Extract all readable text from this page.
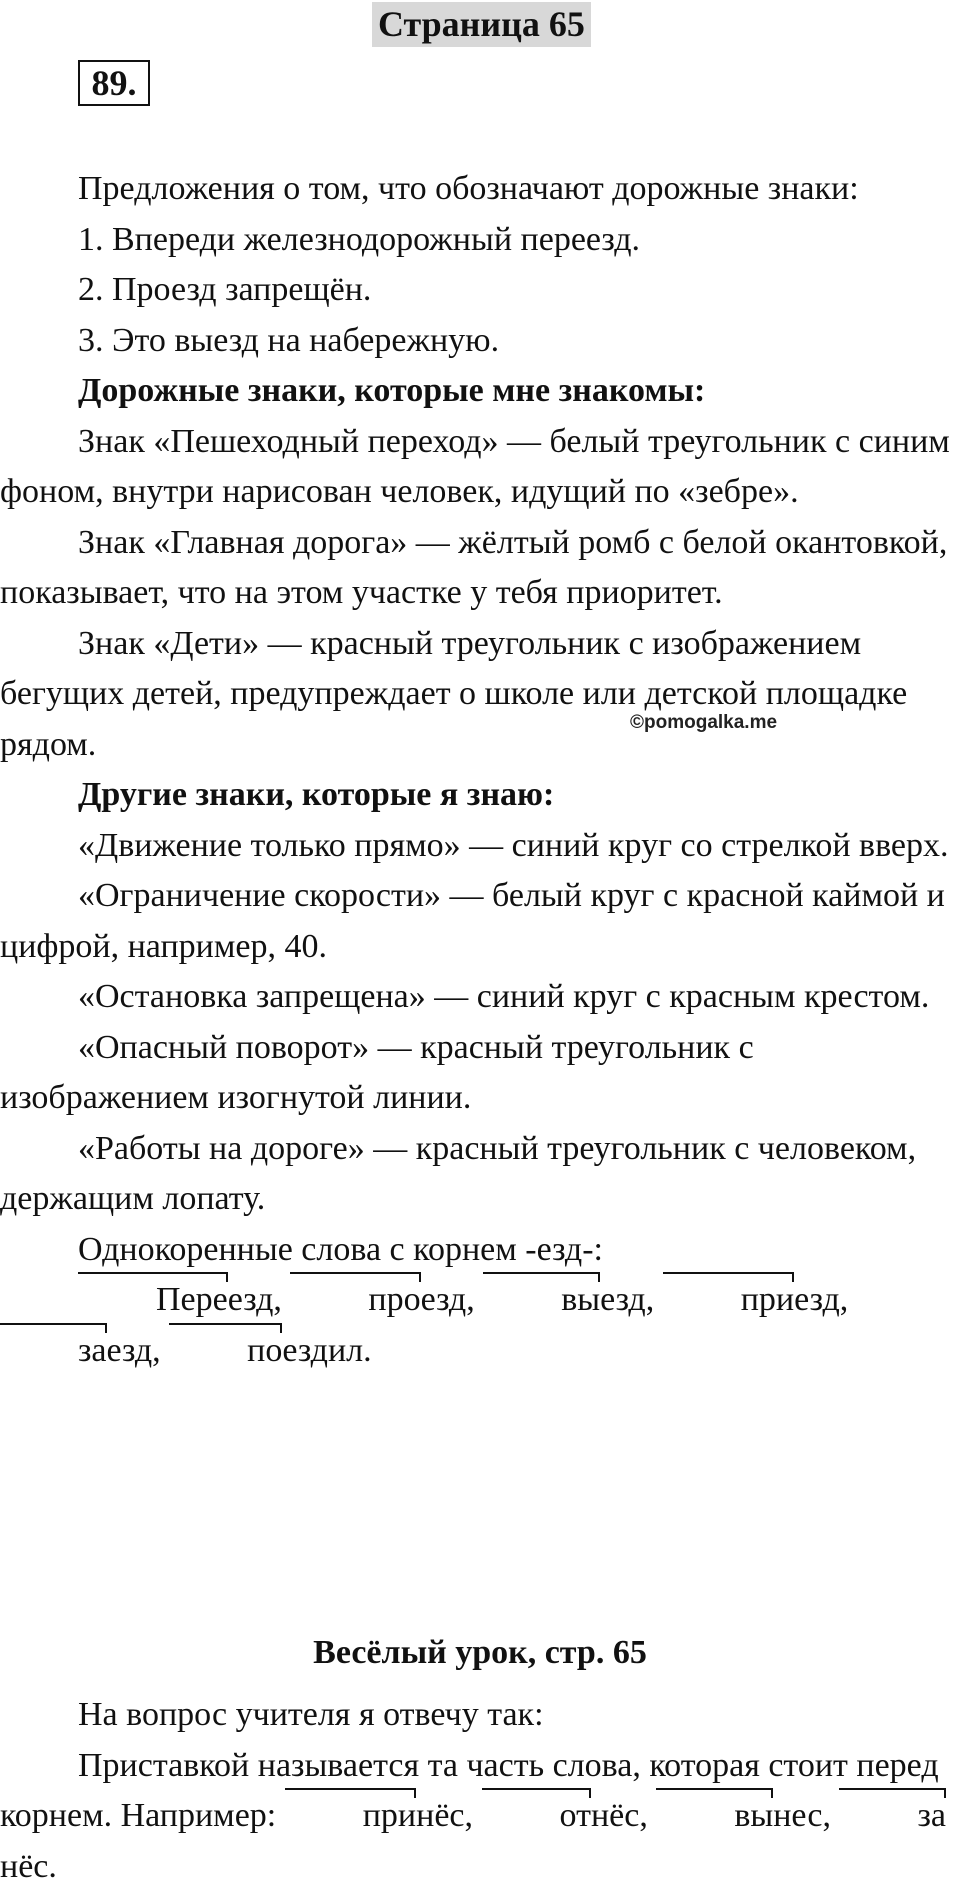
Страница 65
89.

Предложения о том, что обозначают дорожные знаки:

1. Впереди железнодорожный переезд.

2. Проезд запрещён.

3. Это выезд на набережную.

Дорожные знаки, которые мне знакомы:

Знак «Пешеходный переход» — белый треугольник с синим фоном, внутри нарисован человек, идущий по «зебре».

Знак «Главная дорога» — жёлтый ромб с белой окантовкой, показывает, что на этом участке у тебя приоритет.

Знак «Дети» — красный треугольник с изображением бегущих детей, предупреждает о школе или детской площадке рядом.

Другие знаки, которые я знаю:

«Движение только прямо» — синий круг со стрелкой вверх.

«Ограничение скорости» — белый круг с красной каймой и цифрой, например, 40.

«Остановка запрещена» — синий круг с красным крестом.

«Опасный поворот» — красный треугольник с изображением изогнутой линии.

«Работы на дороге» — красный треугольник с человеком, держащим лопату.

Однокоренные слова с корнем -езд-:

Переезд,	проезд,	выезд,	приезд, заезд,	поездил.

©pomogalka.me
Весёлый урок, стр. 65

На вопрос учителя я отвечу так:

Приставкой называется та часть слова, которая стоит перед корнем. Например:	принёс,	отнёс,	вынес,	занёс.
